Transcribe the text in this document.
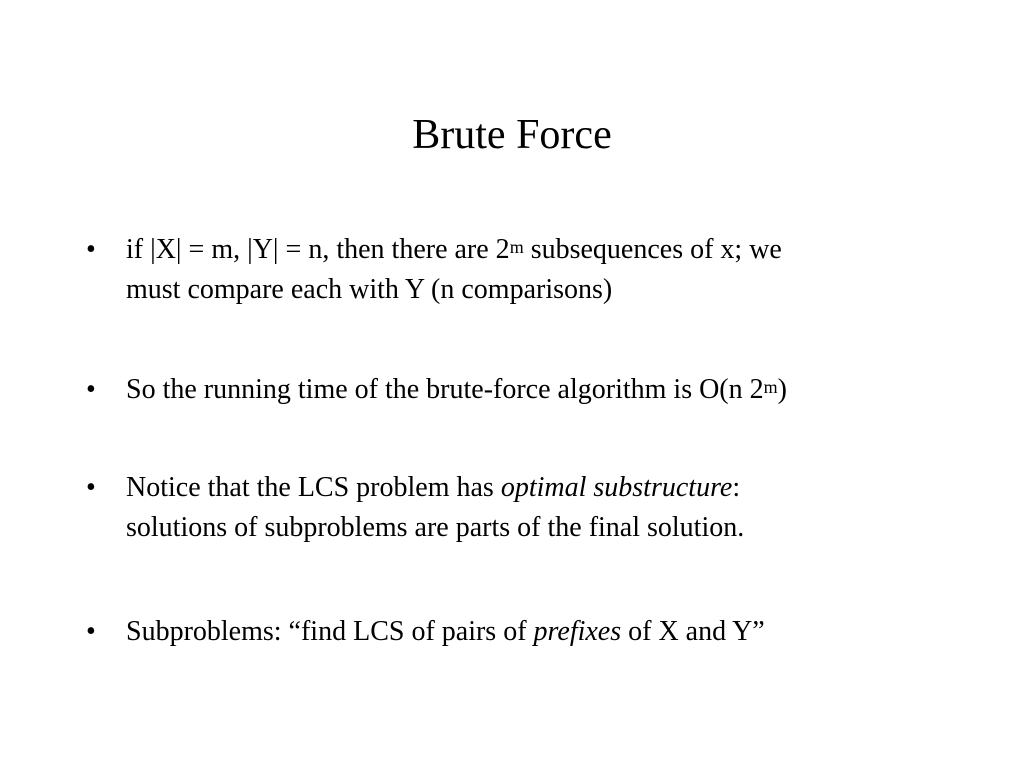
Brute Force
• if |X| = m, |Y| = n, then there are 2$^m$ subsequences of x; we
must compare each with Y (n comparisons)
• So the running time of the brute-force algorithm is O(n 2$^m$)
• Notice that the LCS problem has optimal substructure:
solutions of subproblems are parts of the final solution.
• Subproblems: “find LCS of pairs of prefixes of X and Y”
